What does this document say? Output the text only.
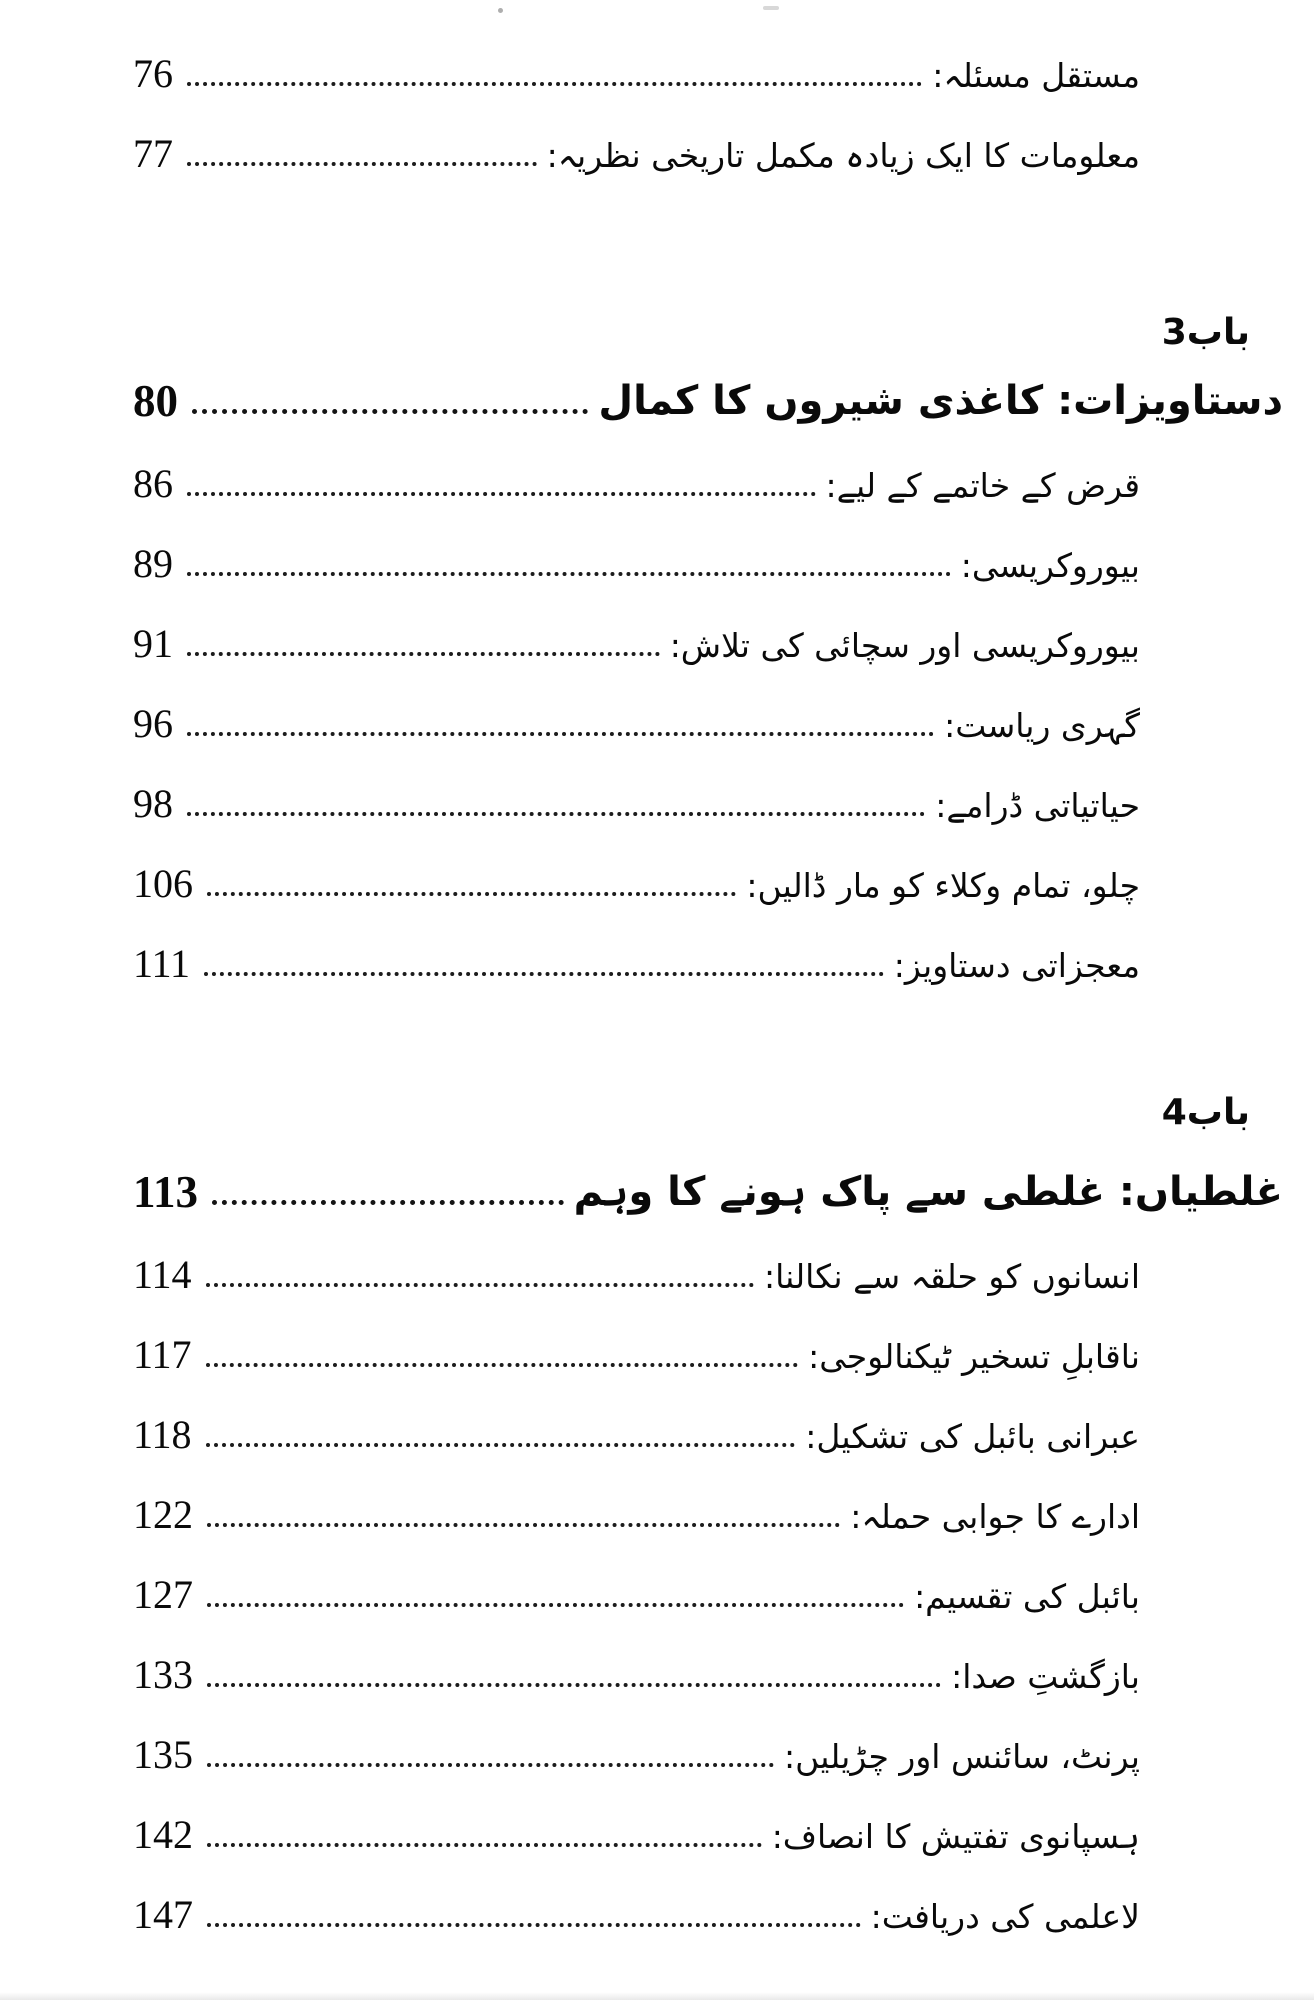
76	مستقل مسئلہ:
77	معلومات کا ایک زیادہ مکمل تاریخی نظریہ:
باب3
80	دستاویزات: کاغذی شیروں کا کمال
86	قرض کے خاتمے کے لیے:
89	بیوروکریسی:
91	بیوروکریسی اور سچائی کی تلاش:
96	گہری ریاست:
98	حیاتیاتی ڈرامے:
106	چلو، تمام وکلاء کو مار ڈالیں:
111	معجزاتی دستاویز:
باب4
113	غلطیاں: غلطی سے پاک ہونے کا وہم
114	انسانوں کو حلقہ سے نکالنا:
117	ناقابلِ تسخیر ٹیکنالوجی:
118	عبرانی بائبل کی تشکیل:
122	ادارے کا جوابی حملہ:
127	بائبل کی تقسیم:
133	بازگشتِ صدا:
135	پرنٹ، سائنس اور چڑیلیں:
142	ہسپانوی تفتیش کا انصاف:
147	لاعلمی کی دریافت:
